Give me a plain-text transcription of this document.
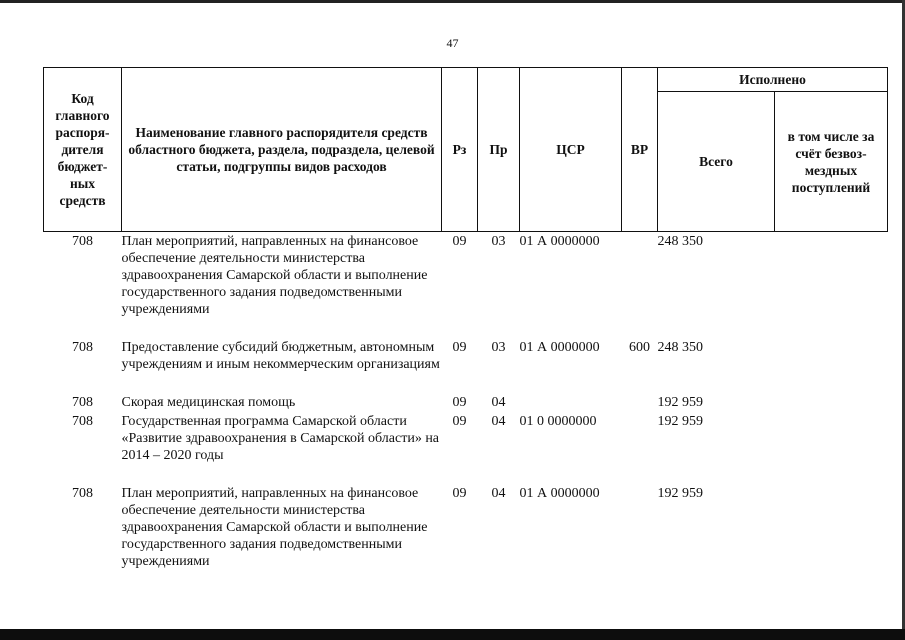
47
Код главного распоря-дителя бюджет-ных средств	Наименование главного распорядителя средств областного бюджета, раздела, подраздела, целевой статьи, подгруппы видов расходов	Рз	Пр	ЦСР	ВР	Исполнено	
						Всего	в том числе за счёт безвоз-мездных поступлений
708	План мероприятий, направленных на финансовое обеспечение деятельности министерства здравоохранения Самарской области и выполнение государственного задания подведомственными учреждениями	09	03	01 А 0000000		248 350	
708	Предоставление субсидий бюджетным, автономным учреждениям и иным некоммерческим организациям	09	03	01 А 0000000	600	248 350	
708	Скорая медицинская помощь	09	04			192 959	
708	Государственная программа Самарской области «Развитие здравоохранения в Самарской области» на 2014 – 2020 годы	09	04	01 0 0000000		192 959	
708	План мероприятий, направленных на финансовое обеспечение деятельности министерства здравоохранения Самарской области и выполнение государственного задания подведомственными учреждениями	09	04	01 А 0000000		192 959	
